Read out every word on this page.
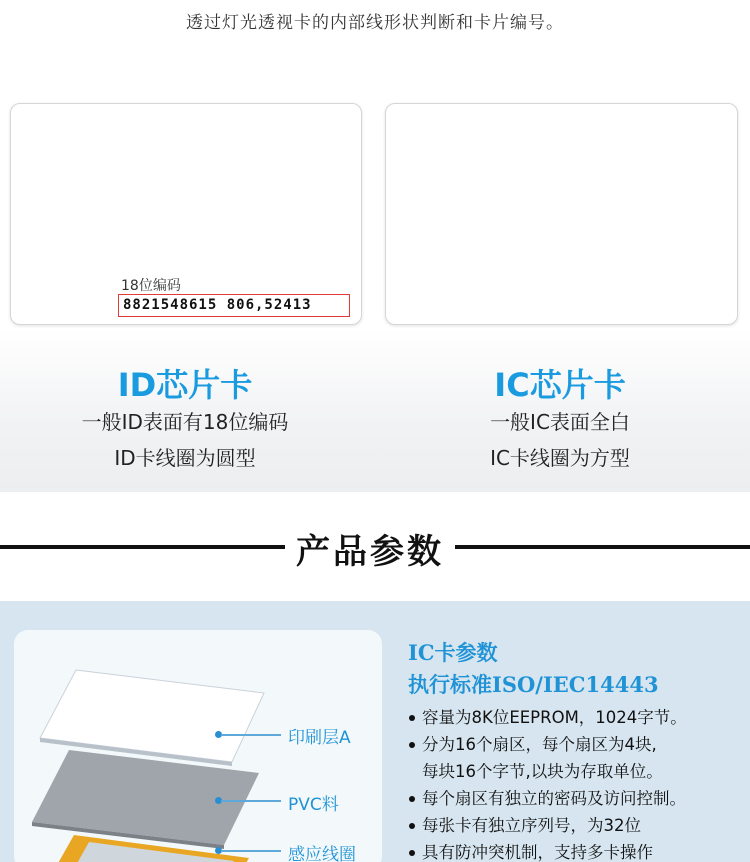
透过灯光透视卡的内部线形状判断和卡片编号。
18位编码
8821548615 806,52413
ID芯片卡
一般ID表面有18位编码
ID卡线圈为圆型
IC芯片卡
一般IC表面全白
IC卡线圈为方型
产品参数
印刷层A
PVC料
感应线圈
IC卡参数
执行标准ISO/IEC14443
容量为8K位EEPROM，1024字节。
分为16个扇区，每个扇区为4块,
每块16个字节,以块为存取单位。
每个扇区有独立的密码及访问控制。
每张卡有独立序列号，为32位
具有防冲突机制，支持多卡操作
